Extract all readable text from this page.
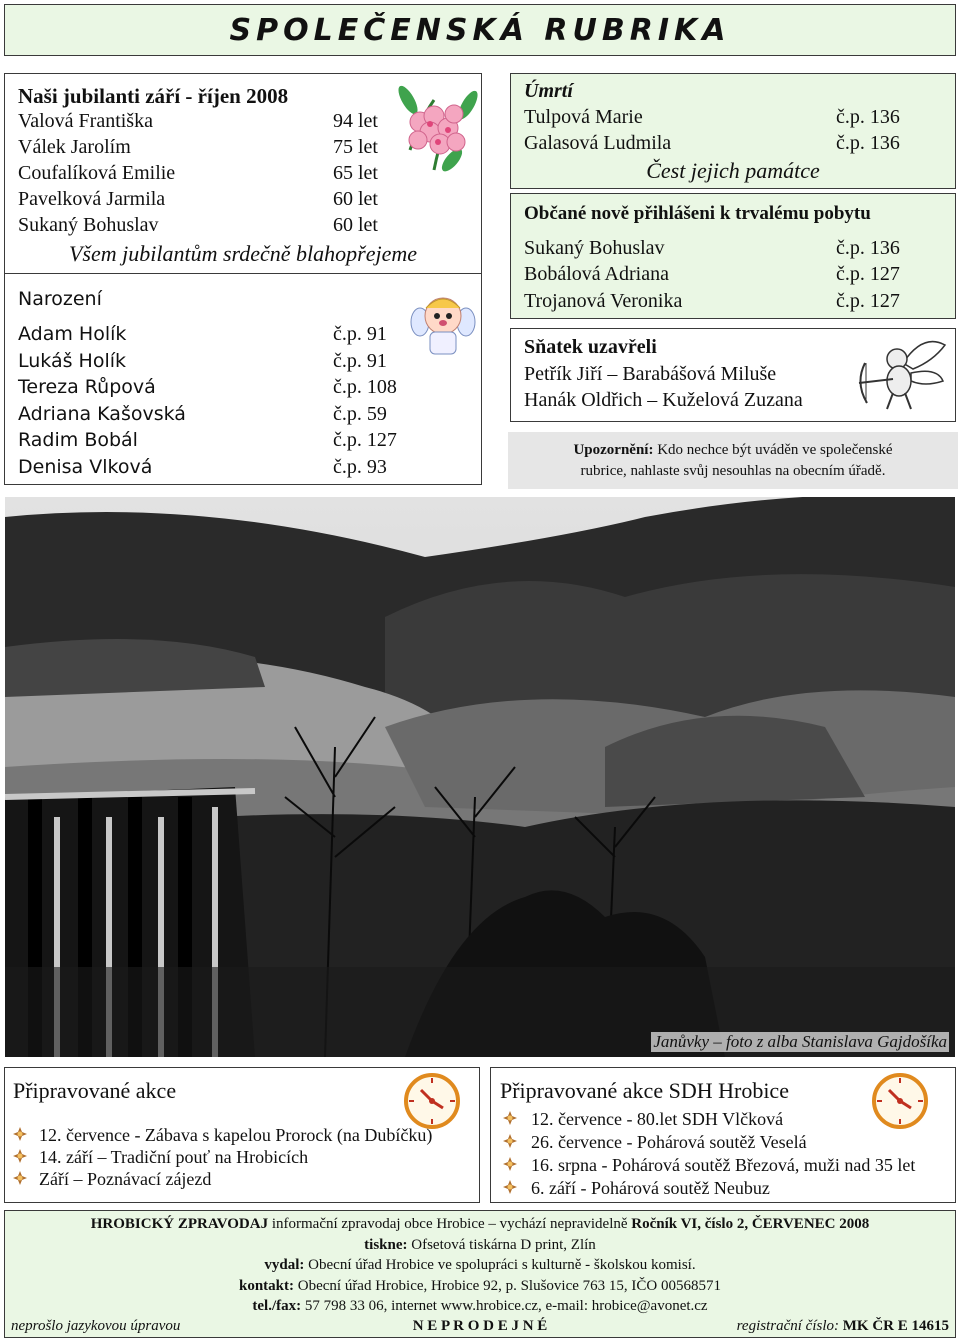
SPOLEČENSKÁ RUBRIKA
Naši jubilanti září - říjen 2008
Valová Františka	94 let
Válek Jarolím	75 let
Coufalíková Emilie	65 let
Pavelková Jarmila	60 let
Sukaný Bohuslav	60 let
Všem jubilantům srdečně blahopřejeme
Narození
Adam Holík	č.p. 91
Lukáš Holík	č.p. 91
Tereza Růpová	č.p. 108
Adriana Kašovská	č.p. 59
Radim Bobál	č.p. 127
Denisa Vlková	č.p. 93
Úmrtí
Tulpová Marie	č.p. 136
Galasová Ludmila	č.p. 136
Čest jejich památce
Občané nově přihlášeni k trvalému pobytu
Sukaný Bohuslav	č.p. 136
Bobálová Adriana	č.p. 127
Trojanová Veronika	č.p. 127
Sňatek uzavřeli
Petřík Jiří – Barabášová Miluše
Hanák Oldřich – Kuželová Zuzana
Upozornění: Kdo nechce být uváděn ve společenské
rubrice, nahlaste svůj nesouhlas na obecním úřadě.
Janůvky – foto z alba Stanislava Gajdošíka
Připravované akce
12. července - Zábava s kapelou Prorock (na Dubíčku)
14. září – Tradiční pouť na Hrobicích
Září – Poznávací zájezd
Připravované akce SDH Hrobice
12. července - 80.let SDH Vlčková
26. července - Pohárová soutěž Veselá
16. srpna - Pohárová soutěž Březová, muži nad 35 let
6. září - Pohárová soutěž Neubuz
HROBICKÝ ZPRAVODAJ informační zpravodaj obce Hrobice – vychází nepravidelně Ročník VI, číslo 2, ČERVENEC 2008
tiskne: Ofsetová tiskárna D print, Zlín
vydal: Obecní úřad Hrobice ve spolupráci s kulturně - školskou komisí.
kontakt: Obecní úřad Hrobice, Hrobice 92, p. Slušovice 763 15, IČO 00568571
tel./fax: 57 798 33 06, internet www.hrobice.cz, e-mail: hrobice@avonet.cz
neprošlo jazykovou úpravou	N E P R O D E J N É	registrační číslo: MK ČR E 14615
